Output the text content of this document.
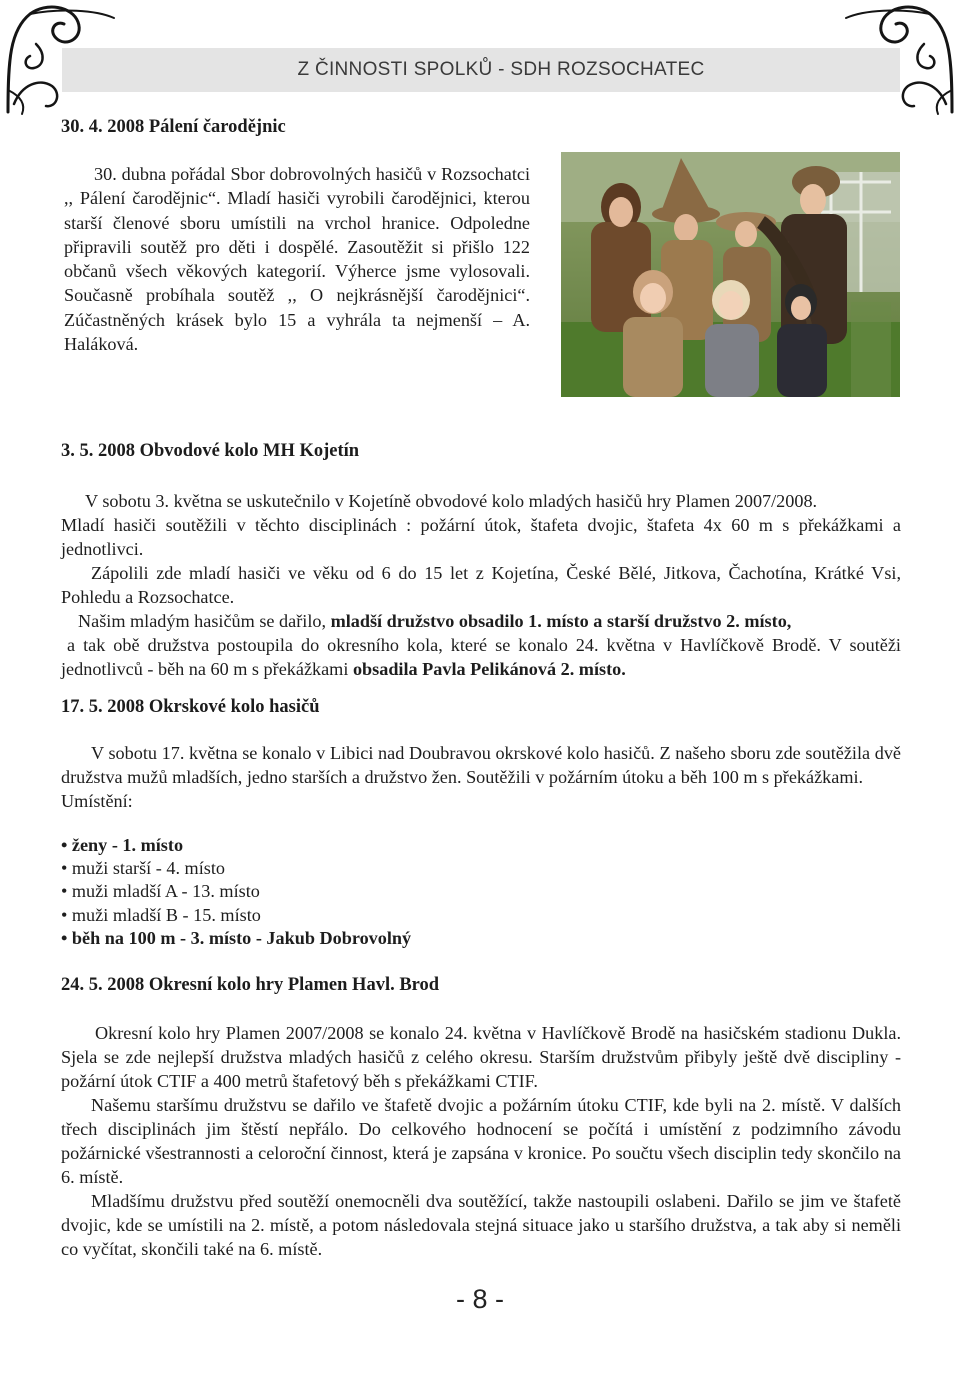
Z ČINNOSTI SPOLKŮ - SDH ROZSOCHATEC
30. 4. 2008 Pálení čarodějnic

30. dubna pořádal Sbor dobrovolných hasičů v Rozsochatci ,, Pálení čarodějnic“. Mladí hasiči vyrobili čarodějnici, kterou starší členové sboru umístili na vrchol hranice. Odpoledne připravili soutěž pro děti i dospělé. Zasoutěžit si přišlo 122 občanů všech věkových kategorií. Výherce jsme vylosovali. Současně probíhala soutěž ,, O nejkrásnější čarodějnici“. Zúčastněných krásek bylo 15 a vyhrála ta nejmenší – A. Haláková.

3. 5. 2008 Obvodové kolo MH Kojetín

V sobotu 3. května se uskutečnilo v Kojetíně obvodové kolo mladých hasičů hry Plamen 2007/2008.

Mladí hasiči soutěžili v těchto disciplinách : požární útok, štafeta dvojic, štafeta 4x 60 m s překážkami a jednotlivci.

Zápolili zde mladí hasiči ve věku od 6 do 15 let z Kojetína, České Bělé, Jitkova, Čachotína, Krátké Vsi, Pohledu a Rozsochatce.

Našim mladým hasičům se dařilo, mladší družstvo obsadilo 1. místo a starší družstvo 2. místo,

a tak obě družstva postoupila do okresního kola, které se konalo 24. května v Havlíčkově Brodě. V soutěži jednotlivců - běh na 60 m s překážkami obsadila Pavla Pelikánová 2. místo.

17. 5. 2008 Okrskové kolo hasičů

V sobotu 17. května se konalo v Libici nad Doubravou okrskové kolo hasičů. Z našeho sboru zde soutěžila dvě družstva mužů mladších, jedno starších a družstvo žen. Soutěžili v požárním útoku a běh 100 m s překážkami.

Umístění:

• ženy - 1. místo
• muži starší - 4. místo
• muži mladší A - 13. místo
• muži mladší B - 15. místo
• běh na 100 m - 3. místo - Jakub Dobrovolný
24. 5. 2008 Okresní kolo hry Plamen Havl. Brod

Okresní kolo hry Plamen 2007/2008 se konalo 24. května v Havlíčkově Brodě na hasičském stadionu Dukla. Sjela se zde nejlepší družstva mladých hasičů z celého okresu. Starším družstvům přibyly ještě dvě discipliny - požární útok CTIF a 400 metrů štafetový běh s překážkami CTIF.

Našemu staršímu družstvu se dařilo ve štafetě dvojic a požárním útoku CTIF, kde byli na 2. místě. V dalších třech disciplinách jim štěstí nepřálo. Do celkového hodnocení se počítá i umístění z podzimního závodu požárnické všestrannosti a celoroční činnost, která je zapsána v kronice. Po součtu všech disciplin tedy skončilo na 6. místě.

Mladšímu družstvu před soutěží onemocněli dva soutěžící, takže nastoupili oslabeni. Dařilo se jim ve štafetě dvojic, kde se umístili na 2. místě, a potom následovala stejná situace jako u staršího družstva, a tak aby si neměli co vyčítat, skončili také na 6. místě.

- 8 -
